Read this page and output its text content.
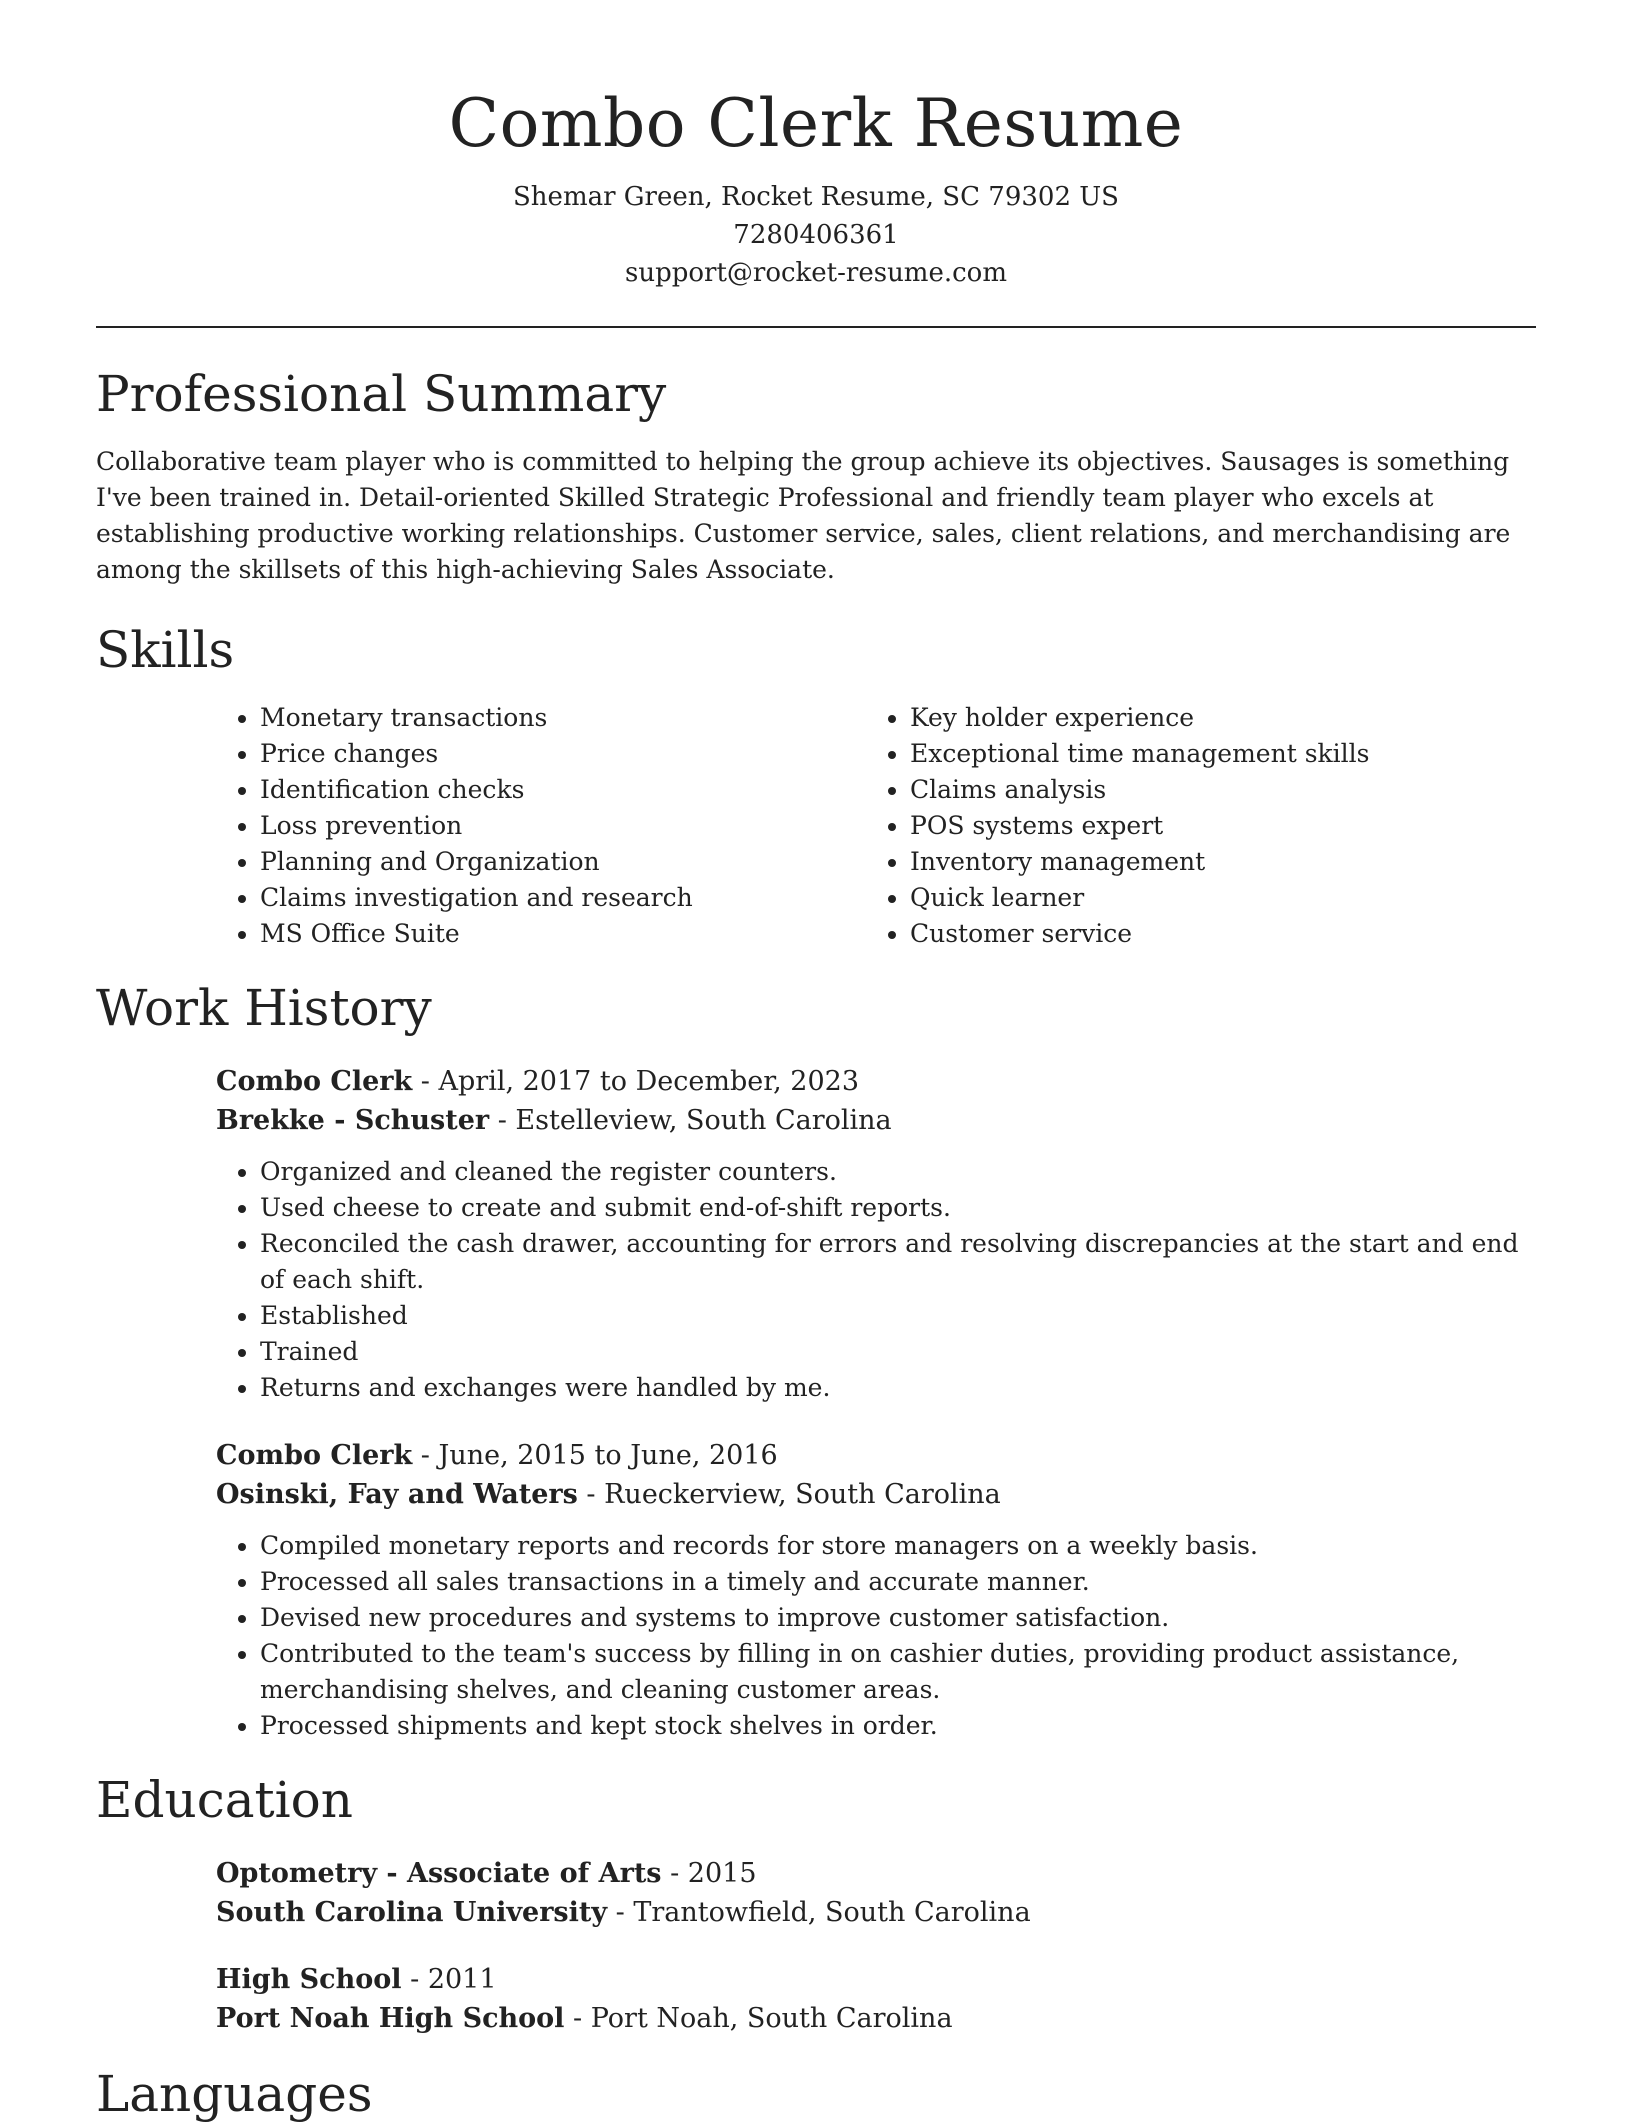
Combo Clerk Resume

Shemar Green, Rocket Resume, SC 79302 US

7280406361

support@rocket-resume.com

Professional Summary

Collaborative team player who is committed to helping the group achieve its objectives. Sausages is something I've been trained in. Detail-oriented Skilled Strategic Professional and friendly team player who excels at establishing productive working relationships. Customer service, sales, client relations, and merchandising are among the skillsets of this high-achieving Sales Associate.

Skills
• Monetary transactions
• Price changes
• Identification checks
• Loss prevention
• Planning and Organization
• Claims investigation and research
• MS Office Suite
• Key holder experience
• Exceptional time management skills
• Claims analysis
• POS systems expert
• Inventory management
• Quick learner
• Customer service
Work History

Combo Clerk - April, 2017 to December, 2023

Brekke - Schuster - Estelleview, South Carolina

• Organized and cleaned the register counters.
• Used cheese to create and submit end-of-shift reports.
• Reconciled the cash drawer, accounting for errors and resolving discrepancies at the start and end of each shift.
• Established
• Trained
• Returns and exchanges were handled by me.

Combo Clerk - June, 2015 to June, 2016

Osinski, Fay and Waters - Rueckerview, South Carolina

• Compiled monetary reports and records for store managers on a weekly basis.
• Processed all sales transactions in a timely and accurate manner.
• Devised new procedures and systems to improve customer satisfaction.
• Contributed to the team's success by filling in on cashier duties, providing product assistance, merchandising shelves, and cleaning customer areas.
• Processed shipments and kept stock shelves in order.
Education

Optometry - Associate of Arts - 2015

South Carolina University - Trantowfield, South Carolina

High School - 2011

Port Noah High School - Port Noah, South Carolina

Languages
